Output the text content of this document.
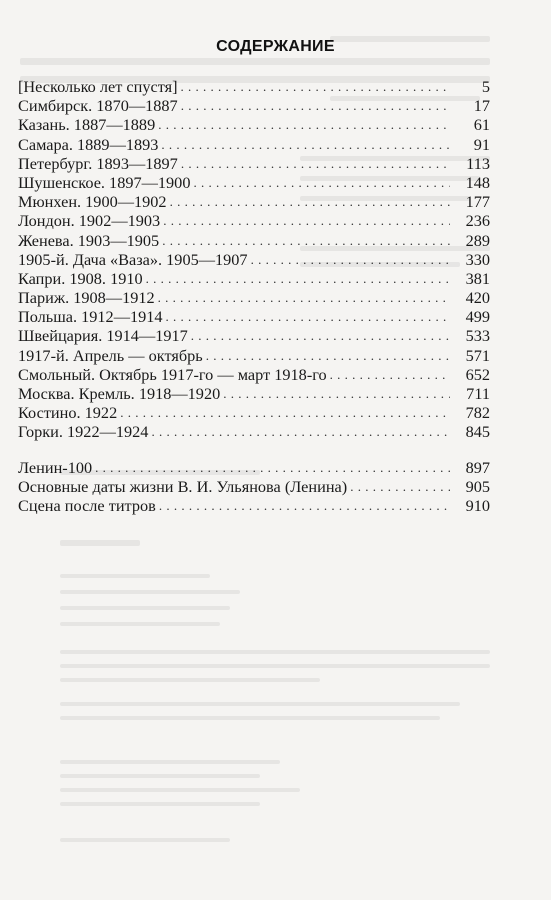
СОДЕРЖАНИЕ
[Несколько лет спустя] . . .	5
Симбирск. 1870—1887 . . .	17
Казань. 1887—1889 . . .	61
Самара. 1889—1893 . . .	91
Петербург. 1893—1897 . . .	113
Шушенское. 1897—1900 . . .	148
Мюнхен. 1900—1902 . . .	177
Лондон. 1902—1903 . . .	236
Женева. 1903—1905 . . .	289
1905-й. Дача «Ваза». 1905—1907 . . .	330
Капри. 1908. 1910 . . .	381
Париж. 1908—1912 . . .	420
Польша. 1912—1914 . . .	499
Швейцария. 1914—1917 . . .	533
1917-й. Апрель — октябрь . . .	571
Смольный. Октябрь 1917-го — март 1918-го . . .	652
Москва. Кремль. 1918—1920 . . .	711
Костино. 1922 . . .	782
Горки. 1922—1924 . . .	845
Ленин-100 . . .	897
Основные даты жизни В. И. Ульянова (Ленина) . . .	905
Сцена после титров . . .	910
